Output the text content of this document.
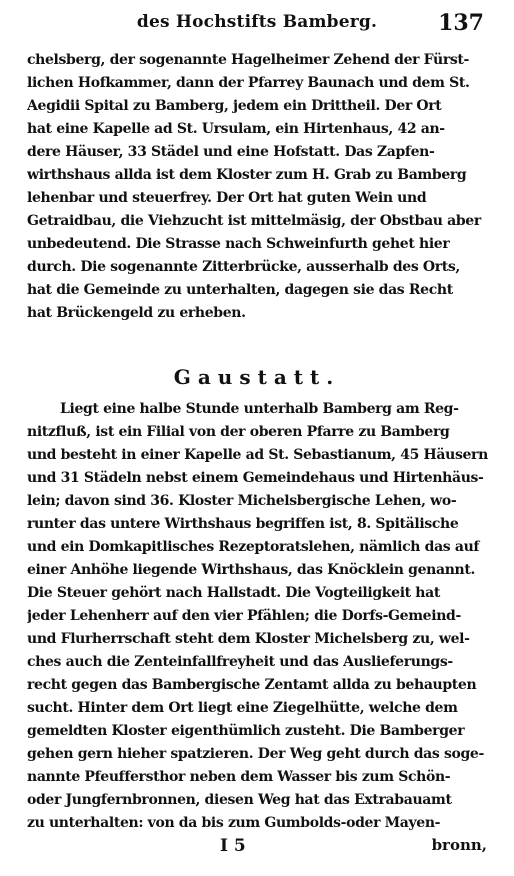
des Hochstifts Bamberg.	137
chelsberg, der sogenannte Hagelheimer Zehend der Fürst-
lichen Hofkammer, dann der Pfarrey Baunach und dem St.
Aegidii Spital zu Bamberg, jedem ein Drittheil. Der Ort
hat eine Kapelle ad St. Ursulam, ein Hirtenhaus, 42 an-
dere Häuser, 33 Städel und eine Hofstatt. Das Zapfen-
wirthshaus allda ist dem Kloster zum H. Grab zu Bamberg
lehenbar und steuerfrey. Der Ort hat guten Wein und
Getraidbau, die Viehzucht ist mittelmäsig, der Obstbau aber
unbedeutend. Die Strasse nach Schweinfurth gehet hier
durch. Die sogenannte Zitterbrücke, ausserhalb des Orts,
hat die Gemeinde zu unterhalten, dagegen sie das Recht
hat Brückengeld zu erheben.
Gaustatt.
Liegt eine halbe Stunde unterhalb Bamberg am Reg-
nitzfluß, ist ein Filial von der oberen Pfarre zu Bamberg
und besteht in einer Kapelle ad St. Sebastianum, 45 Häusern
und 31 Städeln nebst einem Gemeindehaus und Hirtenhäus-
lein; davon sind 36. Kloster Michelsbergische Lehen, wo-
runter das untere Wirthshaus begriffen ist, 8. Spitälische
und ein Domkapitlisches Rezeptoratslehen, nämlich das auf
einer Anhöhe liegende Wirthshaus, das Knöcklein genannt.
Die Steuer gehört nach Hallstadt. Die Vogteiligkeit hat
jeder Lehenherr auf den vier Pfählen; die Dorfs-Gemeind-
und Flurherrschaft steht dem Kloster Michelsberg zu, wel-
ches auch die Zenteinfallfreyheit und das Auslieferungs-
recht gegen das Bambergische Zentamt allda zu behaupten
sucht. Hinter dem Ort liegt eine Ziegelhütte, welche dem
gemeldten Kloster eigenthümlich zusteht. Die Bamberger
gehen gern hieher spatzieren. Der Weg geht durch das soge-
nannte Pfeuffersthor neben dem Wasser bis zum Schön-
oder Jungfernbronnen, diesen Weg hat das Extrabauamt
zu unterhalten: von da bis zum Gumbolds-oder Mayen-
I 5	bronn,
